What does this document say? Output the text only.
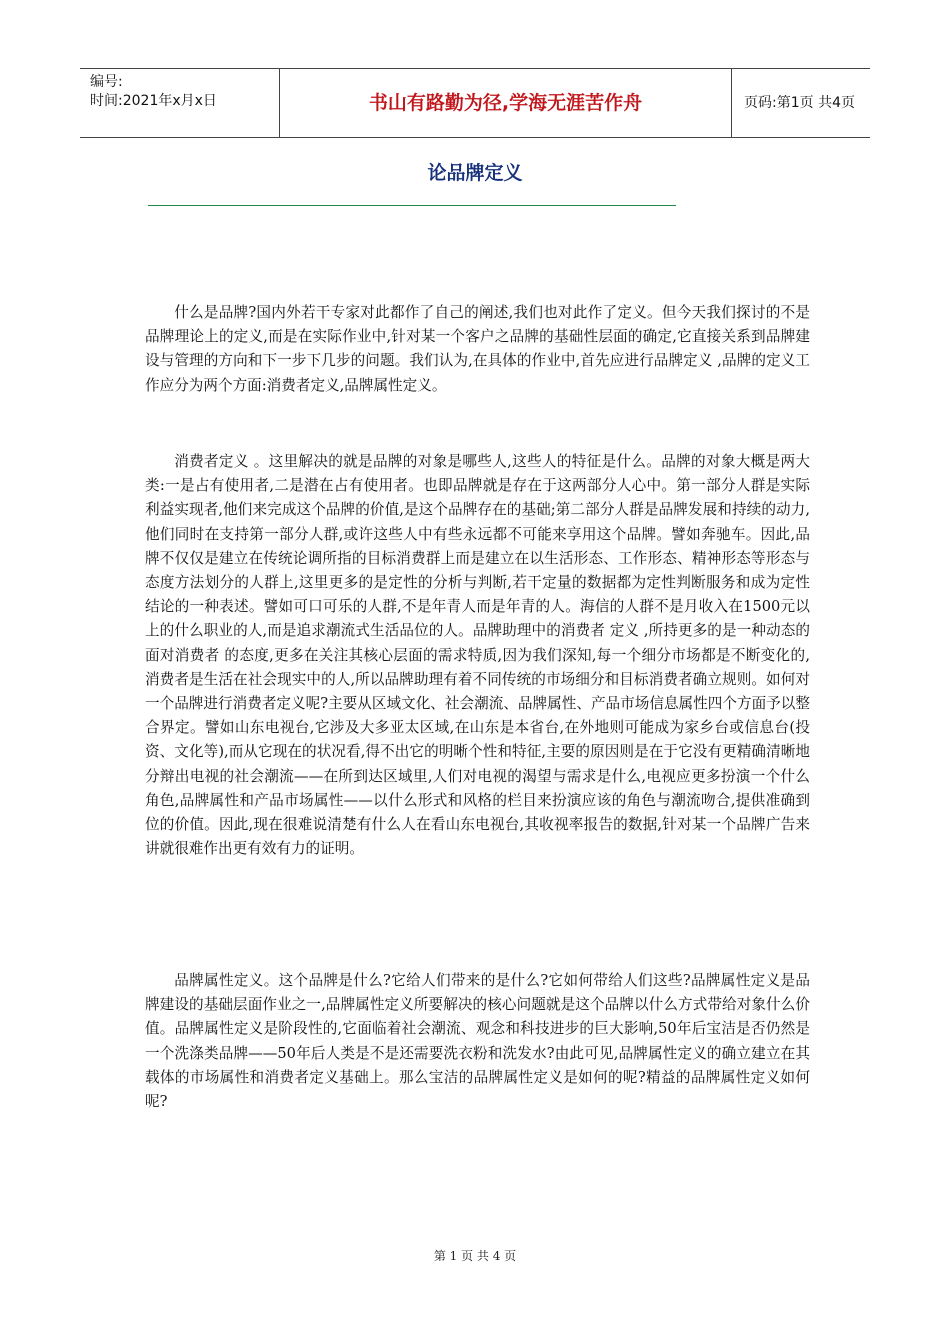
编号:
时间:2021年x月x日	书山有路勤为径,学海无涯苦作舟	页码:第1页 共4页
论品牌定义

什么是品牌?国内外若干专家对此都作了自己的阐述,我们也对此作了定义。但今天我们探讨的不是品牌理论上的定义,而是在实际作业中,针对某一个客户之品牌的基础性层面的确定,它直接关系到品牌建设与管理的方向和下一步下几步的问题。我们认为,在具体的作业中,首先应进行品牌定义 ,品牌的定义工作应分为两个方面:消费者定义,品牌属性定义。

消费者定义 。这里解决的就是品牌的对象是哪些人,这些人的特征是什么。品牌的对象大概是两大类:一是占有使用者,二是潜在占有使用者。也即品牌就是存在于这两部分人心中。第一部分人群是实际利益实现者,他们来完成这个品牌的价值,是这个品牌存在的基础;第二部分人群是品牌发展和持续的动力,他们同时在支持第一部分人群,或许这些人中有些永远都不可能来享用这个品牌。譬如奔驰车。因此,品牌不仅仅是建立在传统论调所指的目标消费群上而是建立在以生活形态、工作形态、精神形态等形态与态度方法划分的人群上,这里更多的是定性的分析与判断,若干定量的数据都为定性判断服务和成为定性结论的一种表述。譬如可口可乐的人群,不是年青人而是年青的人。海信的人群不是月收入在1500元以上的什么职业的人,而是追求潮流式生活品位的人。品牌助理中的消费者 定义 ,所持更多的是一种动态的面对消费者 的态度,更多在关注其核心层面的需求特质,因为我们深知,每一个细分市场都是不断变化的,消费者是生活在社会现实中的人,所以品牌助理有着不同传统的市场细分和目标消费者确立规则。如何对一个品牌进行消费者定义呢?主要从区域文化、社会潮流、品牌属性、产品市场信息属性四个方面予以整合界定。譬如山东电视台,它涉及大多亚太区域,在山东是本省台,在外地则可能成为家乡台或信息台(投资、文化等),而从它现在的状况看,得不出它的明晰个性和特征,主要的原因则是在于它没有更精确清晰地分辩出电视的社会潮流——在所到达区域里,人们对电视的渴望与需求是什么,电视应更多扮演一个什么角色,品牌属性和产品市场属性——以什么形式和风格的栏目来扮演应该的角色与潮流吻合,提供准确到位的价值。因此,现在很难说清楚有什么人在看山东电视台,其收视率报告的数据,针对某一个品牌广告来讲就很难作出更有效有力的证明。

品牌属性定义。这个品牌是什么?它给人们带来的是什么?它如何带给人们这些?品牌属性定义是品牌建设的基础层面作业之一,品牌属性定义所要解决的核心问题就是这个品牌以什么方式带给对象什么价值。品牌属性定义是阶段性的,它面临着社会潮流、观念和科技进步的巨大影响,50年后宝洁是否仍然是一个洗涤类品牌——50年后人类是不是还需要洗衣粉和洗发水?由此可见,品牌属性定义的确立建立在其载体的市场属性和消费者定义基础上。那么宝洁的品牌属性定义是如何的呢?精益的品牌属性定义如何呢?

第 1 页 共 4 页
